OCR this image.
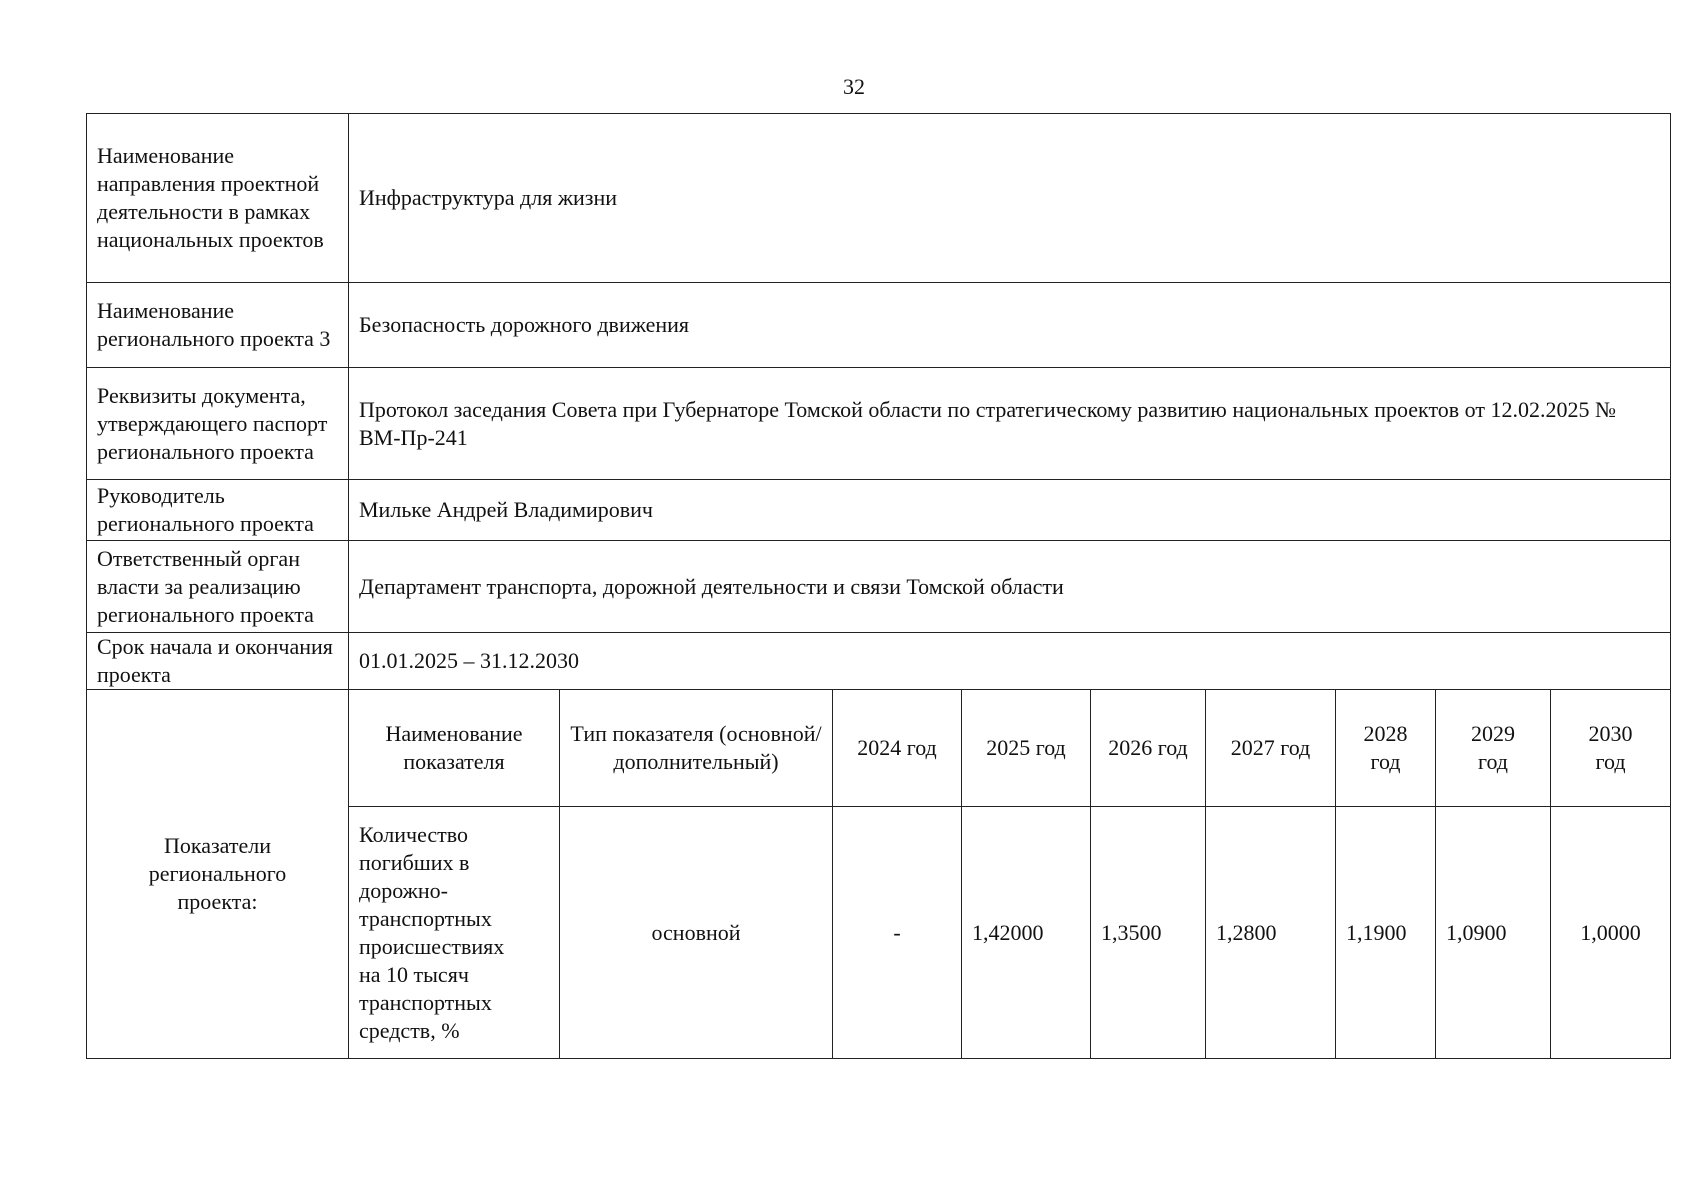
32
Наименование направления проектной деятельности в рамках национальных проектов	Инфраструктура для жизни								
Наименование регионального проекта 3	Безопасность дорожного движения								
Реквизиты документа, утверждающего паспорт регионального проекта	Протокол заседания Совета при Губернаторе Томской области по стратегическому развитию национальных проектов от 12.02.2025 № ВМ-Пр-241								
Руководитель регионального проекта	Мильке Андрей Владимирович								
Ответственный орган власти за реализацию регионального проекта	Департамент транспорта, дорожной деятельности и связи Томской области								
Срок начала и окончания проекта	01.01.2025 – 31.12.2030								

Показатели регионального проекта:	Наименование показателя	Тип показателя (основной/ дополнительный)	2024 год	2025 год	2026 год	2027 год	2028 год	2029 год	2030 год

	Количество погибших в дорожно-транспортных происшествиях на 10 тысяч транспортных средств, %	основной	-	1,42000	1,3500	1,2800	1,1900	1,0900	1,0000
